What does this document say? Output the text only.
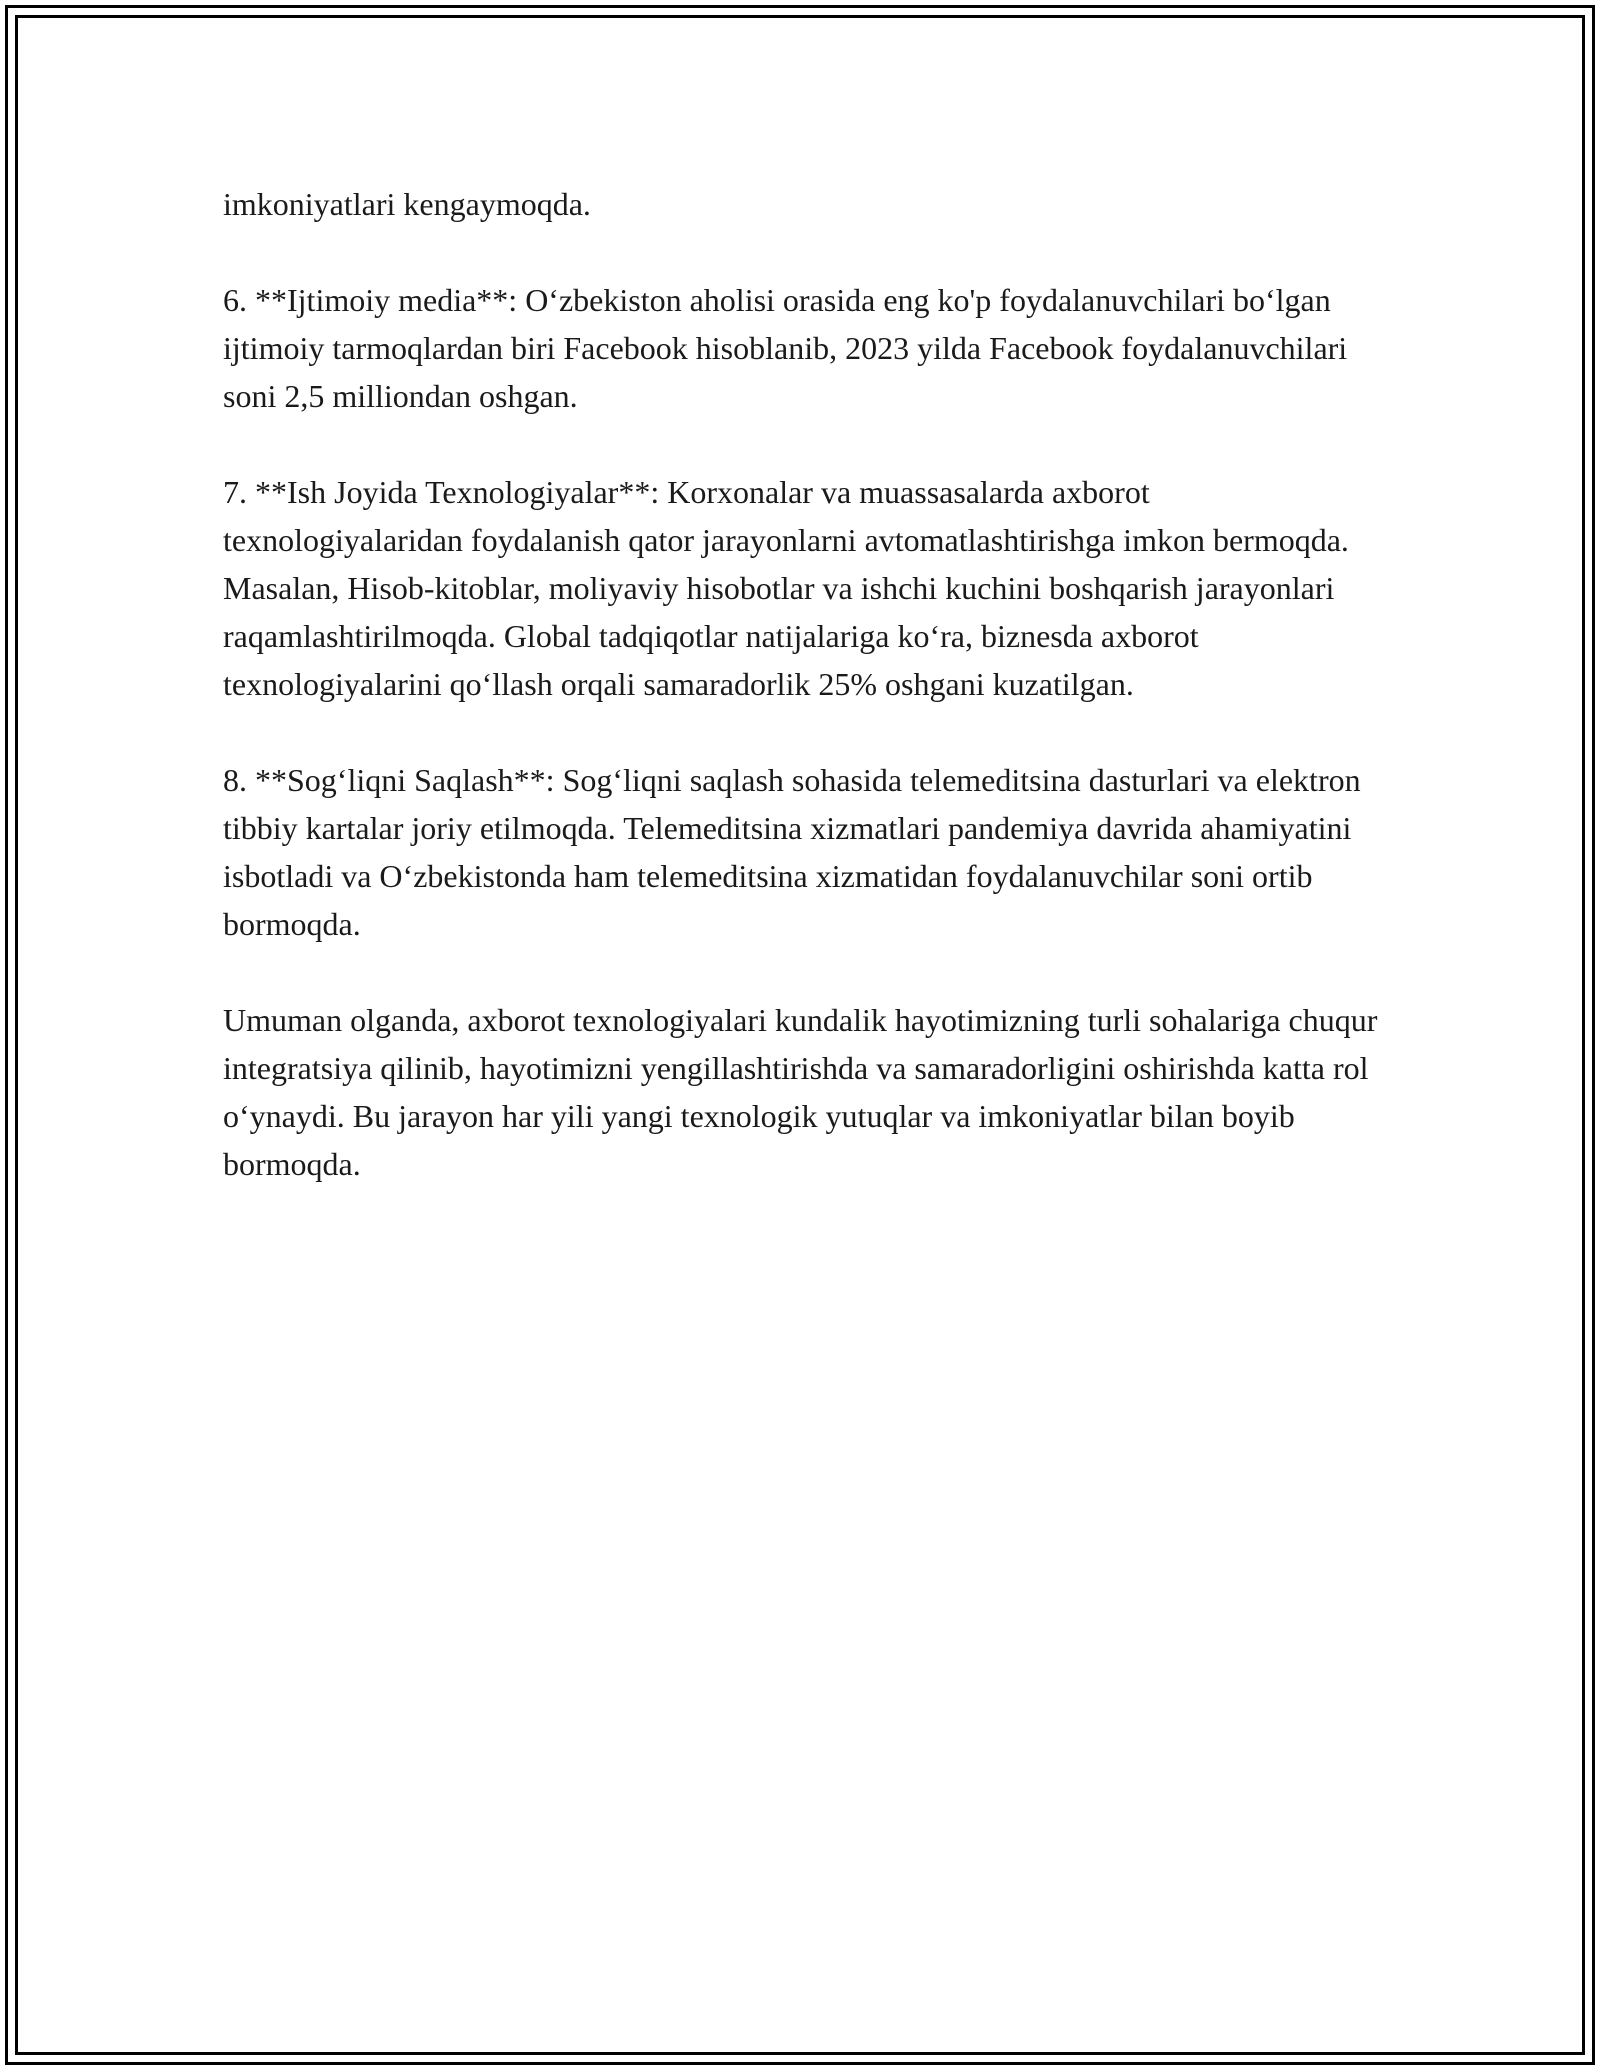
imkoniyatlari kengaymoqda.

6. **Ijtimoiy media**: O‘zbekiston aholisi orasida eng ko'p foydalanuvchilari bo‘lgan ijtimoiy tarmoqlardan biri Facebook hisoblanib, 2023 yilda Facebook foydalanuvchilari soni 2,5 milliondan oshgan.

7. **Ish Joyida Texnologiyalar**: Korxonalar va muassasalarda axborot texnologiyalaridan foydalanish qator jarayonlarni avtomatlashtirishga imkon bermoqda. Masalan, Hisob-kitoblar, moliyaviy hisobotlar va ishchi kuchini boshqarish jarayonlari raqamlashtirilmoqda. Global tadqiqotlar natijalariga ko‘ra, biznesda axborot texnologiyalarini qo‘llash orqali samaradorlik 25% oshgani kuzatilgan.

8. **Sog‘liqni Saqlash**: Sog‘liqni saqlash sohasida telemeditsina dasturlari va elektron tibbiy kartalar joriy etilmoqda. Telemeditsina xizmatlari pandemiya davrida ahamiyatini isbotladi va O‘zbekistonda ham telemeditsina xizmatidan foydalanuvchilar soni ortib bormoqda.

Umuman olganda, axborot texnologiyalari kundalik hayotimizning turli sohalariga chuqur integratsiya qilinib, hayotimizni yengillashtirishda va samaradorligini oshirishda katta rol o‘ynaydi. Bu jarayon har yili yangi texnologik yutuqlar va imkoniyatlar bilan boyib bormoqda.
